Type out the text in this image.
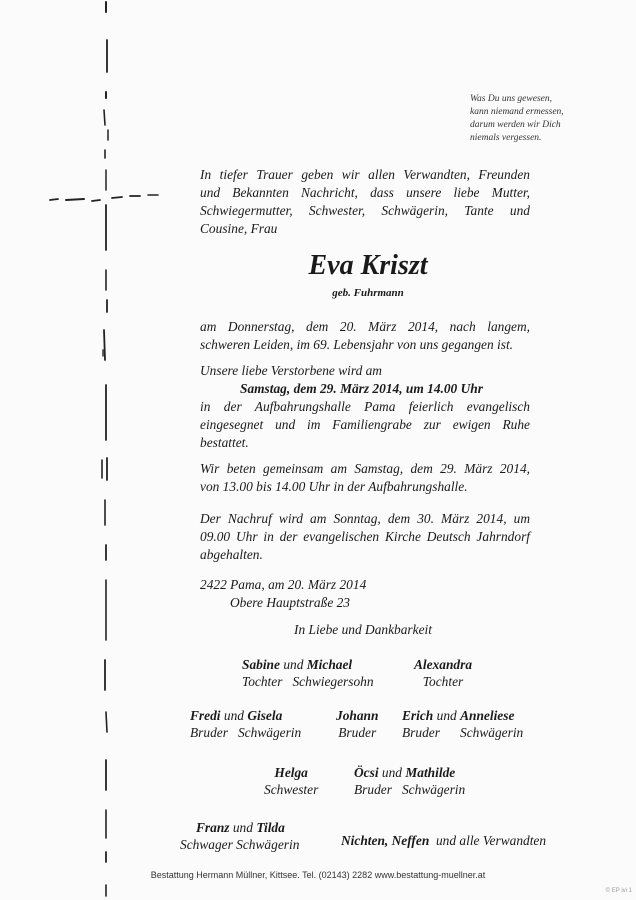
Was Du uns gewesen,
kann niemand ermessen,
darum werden wir Dich
niemals vergessen.
In tiefer Trauer geben wir allen Verwandten, Freunden
und Bekannten Nachricht, dass unsere liebe Mutter,
Schwiegermutter, Schwester, Schwägerin, Tante und
Cousine, Frau
Eva Kriszt
geb. Fuhrmann
am Donnerstag, dem 20. März 2014, nach langem,
schweren Leiden, im 69. Lebensjahr von uns gegangen ist.
Unsere liebe Verstorbene wird am
Samstag, dem 29. März 2014, um 14.00 Uhr
in der Aufbahrungshalle Pama feierlich evangelisch
eingesegnet und im Familiengrabe zur ewigen Ruhe
bestattet.
Wir beten gemeinsam am Samstag, dem 29. März 2014,
von 13.00 bis 14.00 Uhr in der Aufbahrungshalle.
Der Nachruf wird am Sonntag, dem 30. März 2014, um
09.00 Uhr in der evangelischen Kirche Deutsch Jahrndorf
abgehalten.
2422 Pama, am 20. März 2014
Obere Hauptstraße 23
In Liebe und Dankbarkeit
Sabine und Michael
Tochter Schwiegersohn
Alexandra
Tochter
Fredi und Gisela
Bruder Schwägerin
Johann
Bruder
Erich und Anneliese
Bruder Schwägerin
Helga
Schwester
Öcsi und Mathilde
Bruder Schwägerin
Franz und Tilda
Schwager Schwägerin	Nichten, Neffen und alle Verwandten
Bestattung Hermann Müllner, Kittsee. Tel. (02143) 2282 www.bestattung-muellner.at
© EP ivi 1
